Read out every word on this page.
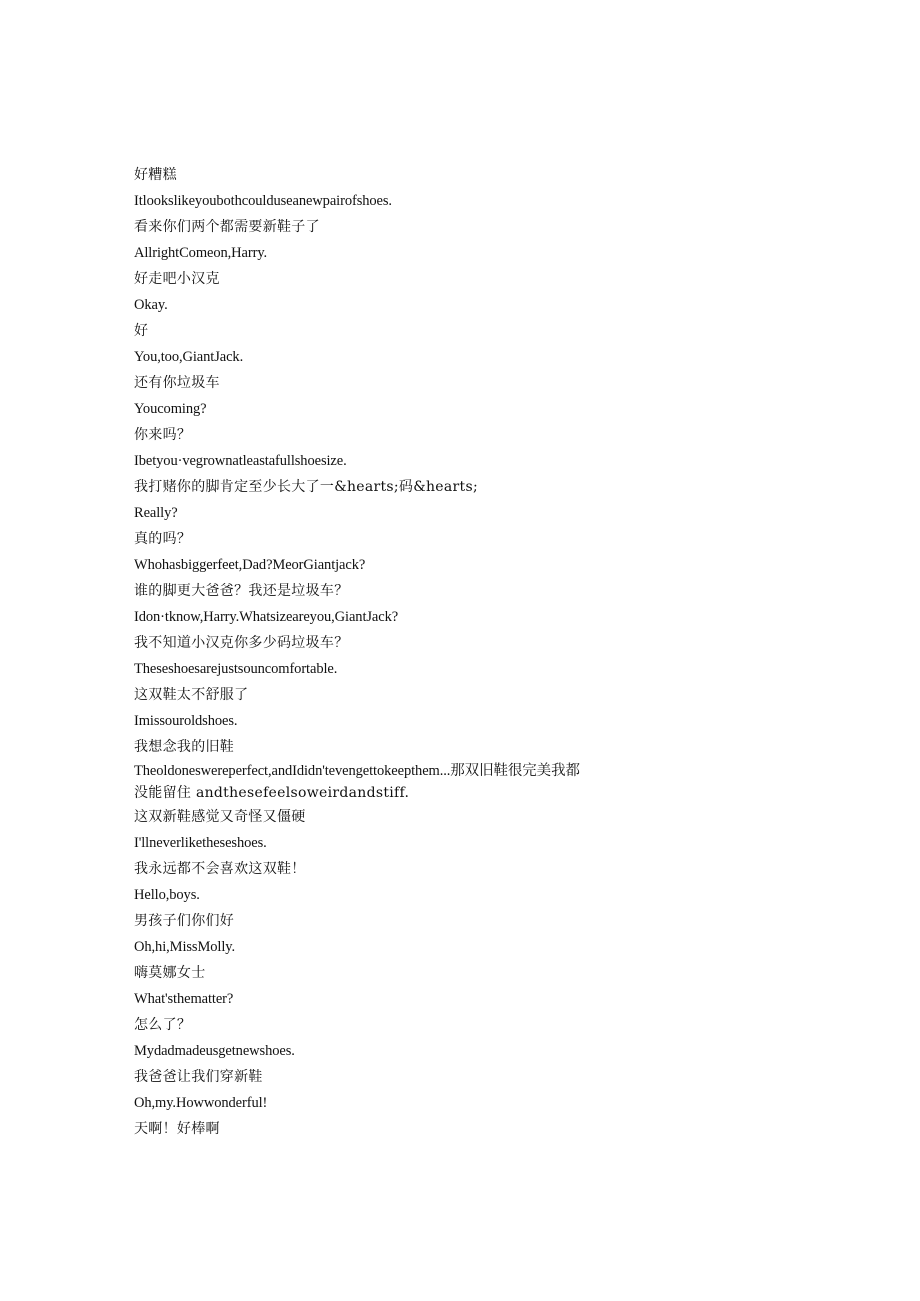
好糟糕
Itlookslikeyoubothcoulduseanewpairofshoes.
看来你们两个都需要新鞋子了
AllrightComeon,Harry.
好走吧小汉克
Okay.
好
You,too,GiantJack.
还有你垃圾车
Youcoming?
你来吗？
Ibetyou·vegrownatleastafullshoesize.
我打赌你的脚肯定至少长大了一&hearts;码&hearts;
Really?
真的吗？
Whohasbiggerfeet,Dad?MeorGiantjack?
谁的脚更大爸爸？我还是垃圾车？
Idon·tknow,Harry.Whatsizeareyou,GiantJack?
我不知道小汉克你多少码垃圾车？
Theseshoesarejustsouncomfortable.
这双鞋太不舒服了
Imissouroldshoes.
我想念我的旧鞋
Theoldoneswereperfect,andIdidn'tevengettokeepthem...那双旧鞋很完美我都
没能留住 andthesefeelsoweirdandstiff.
这双新鞋感觉又奇怪又僵硬
I'llneverliketheseshoes.
我永远都不会喜欢这双鞋！
Hello,boys.
男孩子们你们好
Oh,hi,MissMolly.
嗨莫娜女士
What'sthematter?
怎么了？
Mydadmadeusgetnewshoes.
我爸爸让我们穿新鞋
Oh,my.Howwonderful!
天啊！好棒啊
